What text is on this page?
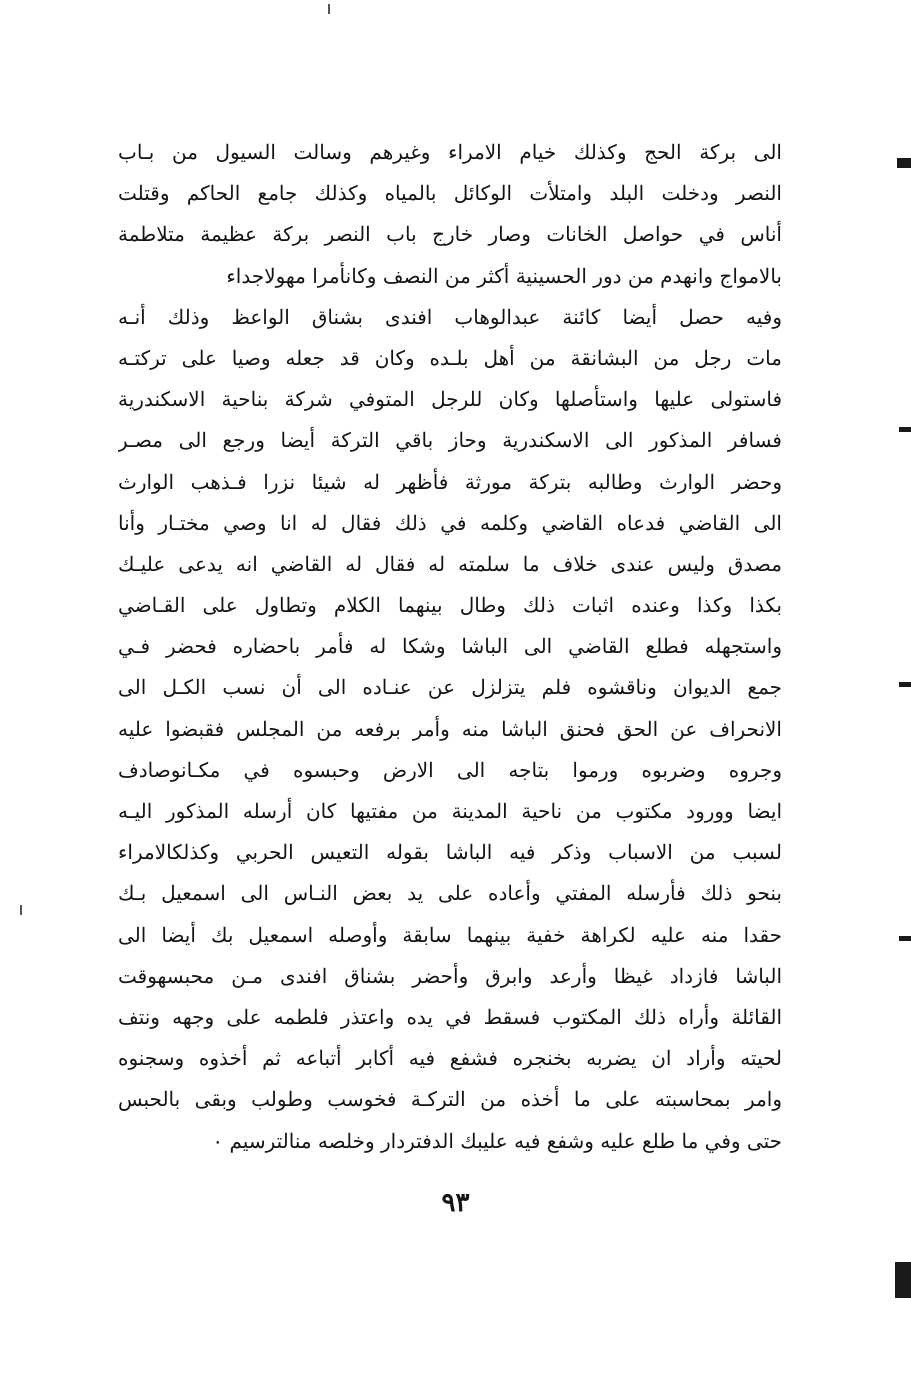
الى بركة الحج وكذلك خيام الامراء وغيرهم وسالت السيول من بـاب
النصر ودخلت البلد وامتلأت الوكائل بالمياه وكذلك جامع الحاكم وقتلت
أناس في حواصل الخانات وصار خارج باب النصر بركة عظيمة متلاطمة
بالامواج وانهدم من دور الحسينية أكثر من النصف وكانأمرا مهولاجداء
وفيه حصل أيضا كائنة عبدالوهاب افندى بشناق الواعظ وذلك أنـه
مات رجل من البشانقة من أهل بلـده وكان قد جعله وصيا على تركتـه
فاستولى عليها واستأصلها وكان للرجل المتوفي شركة بناحية الاسكندرية
فسافر المذكور الى الاسكندرية وحاز باقي التركة أيضا ورجع الى مصـر
وحضر الوارث وطالبه بتركة مورثة فأظهر له شيئا نزرا فـذهب الوارث
الى القاضي فدعاه القاضي وكلمه في ذلك فقال له انا وصي مختـار وأنا
مصدق وليس عندى خلاف ما سلمته له فقال له القاضي انه يدعى عليـك
بكذا وكذا وعنده اثبات ذلك وطال بينهما الكلام وتطاول على القـاضي
واستجهله فطلع القاضي الى الباشا وشكا له فأمر باحضاره فحضر فـي
جمع الديوان وناقشوه فلم يتزلزل عن عنـاده الى أن نسب الكـل الى
الانحراف عن الحق فحنق الباشا منه وأمر برفعه من المجلس فقبضوا عليه
وجروه وضربوه ورموا بتاجه الى الارض وحبسوه في مكـانوصادف
ايضا وورود مكتوب من ناحية المدينة من مفتيها كان أرسله المذكور اليـه
لسبب من الاسباب وذكر فيه الباشا بقوله التعيس الحربي وكذلكالامراء
بنحو ذلك فأرسله المفتي وأعاده على يد بعض النـاس الى اسمعيل بـك
حقدا منه عليه لكراهة خفية بينهما سابقة وأوصله اسمعيل بك أيضا الى
الباشا فازداد غيظا وأرعد وابرق وأحضر بشناق افندى مـن محبسهوقت
القائلة وأراه ذلك المكتوب فسقط في يده واعتذر فلطمه على وجهه ونتف
لحيته وأراد ان يضربه بخنجره فشفع فيه أكابر أتباعه ثم أخذوه وسجنوه
وامر بمحاسبته على ما أخذه من التركـة فخوسب وطولب وبقى بالحبس
حتى وفي ما طلع عليه وشفع فيه عليبك الدفتردار وخلصه منالترسيم ٠
٩٣
